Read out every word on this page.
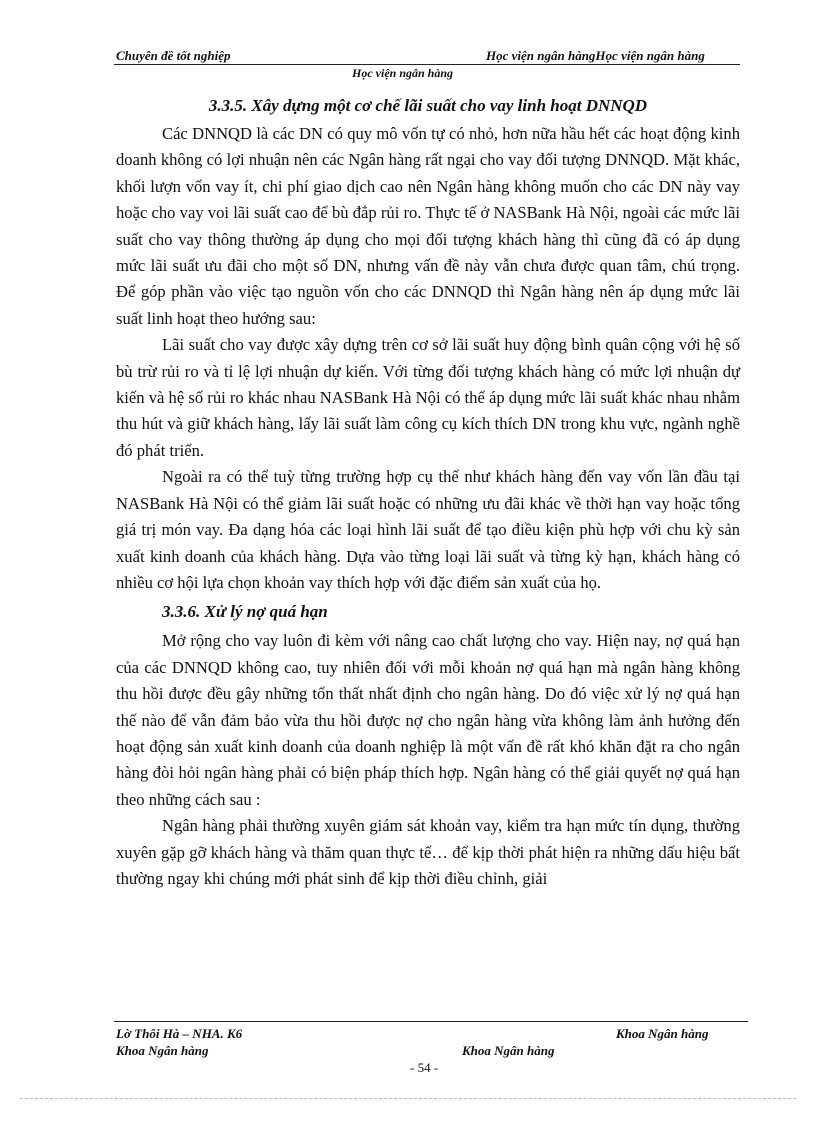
Chuyên đề tốt nghiệp	Học viện ngân hàngHọc viện ngân hàng
Học viện ngân hàng

3.3.5. Xây dựng một cơ chế lãi suất cho vay linh hoạt DNNQD

Các DNNQD là các DN có quy mô vốn tự có nhỏ, hơn nữa hầu hết các hoạt động kinh doanh không có lợi nhuận nên các Ngân hàng rất ngại cho vay đối tượng DNNQD. Mặt khác, khối lượn vốn vay ít, chi phí giao dịch cao nên Ngân hàng không muốn cho các DN này vay hoặc cho vay voi lãi suất cao để bù đắp rủi ro. Thực tế ở NASBank Hà Nội, ngoài các mức lãi suất cho vay thông thường áp dụng cho mọi đối tượng khách hàng thì cũng đã có áp dụng mức lãi suất ưu đãi cho một số DN, nhưng vấn đề này vẫn chưa được quan tâm, chú trọng. Để góp phần vào việc tạo nguồn vốn cho các DNNQD thì Ngân hàng nên áp dụng mức lãi suất linh hoạt theo hướng sau:

Lãi suất cho vay được xây dựng trên cơ sở lãi suất huy động bình quân cộng với hệ số bù trừ rủi ro và tỉ lệ lợi nhuận dự kiến. Với từng đối tượng khách hàng có mức lợi nhuận dự kiến và hệ số rủi ro khác nhau NASBank Hà Nội có thể áp dụng mức lãi suất khác nhau nhằm thu hút và giữ khách hàng, lấy lãi suất làm công cụ kích thích DN trong khu vực, ngành nghề đó phát triển.

Ngoài ra có thể tuỳ từng trường hợp cụ thể như khách hàng đến vay vốn lần đầu tại NASBank Hà Nội có thể giảm lãi suất hoặc có những ưu đãi khác về thời hạn vay hoặc tổng giá trị món vay. Đa dạng hóa các loại hình lãi suất để tạo điều kiện phù hợp với chu kỳ sản xuất kinh doanh của khách hàng. Dựa vào từng loại lãi suất và từng kỳ hạn, khách hàng có nhiều cơ hội lựa chọn khoản vay thích hợp với đặc điểm sản xuất của họ.

3.3.6. Xử lý nợ quá hạn

Mở rộng cho vay luôn đi kèm với nâng cao chất lượng cho vay. Hiện nay, nợ quá hạn của các DNNQD không cao, tuy nhiên đối với mỗi khoản nợ quá hạn mà ngân hàng không thu hồi được đều gây những tổn thất nhất định cho ngân hàng. Do đó việc xử lý nợ quá hạn thế nào để vẫn đảm bảo vừa thu hồi được nợ cho ngân hàng vừa không làm ảnh hưởng đến hoạt động sản xuất kinh doanh của doanh nghiệp là một vấn đề rất khó khăn đặt ra cho ngân hàng đòi hỏi ngân hàng phải có biện pháp thích hợp. Ngân hàng có thể giải quyết nợ quá hạn theo những cách sau :

Ngân hàng phải thường xuyên giám sát khoản vay, kiểm tra hạn mức tín dụng, thường xuyên gặp gỡ khách hàng và thăm quan thực tế… để kịp thời phát hiện ra những dấu hiệu bất thường ngay khi chúng mới phát sinh để kịp thời điều chỉnh, giải

Lờ Thôi Hà – NHA. K6	Khoa Ngân hàng
Khoa Ngân hàng	Khoa Ngân hàng
- 54 -
